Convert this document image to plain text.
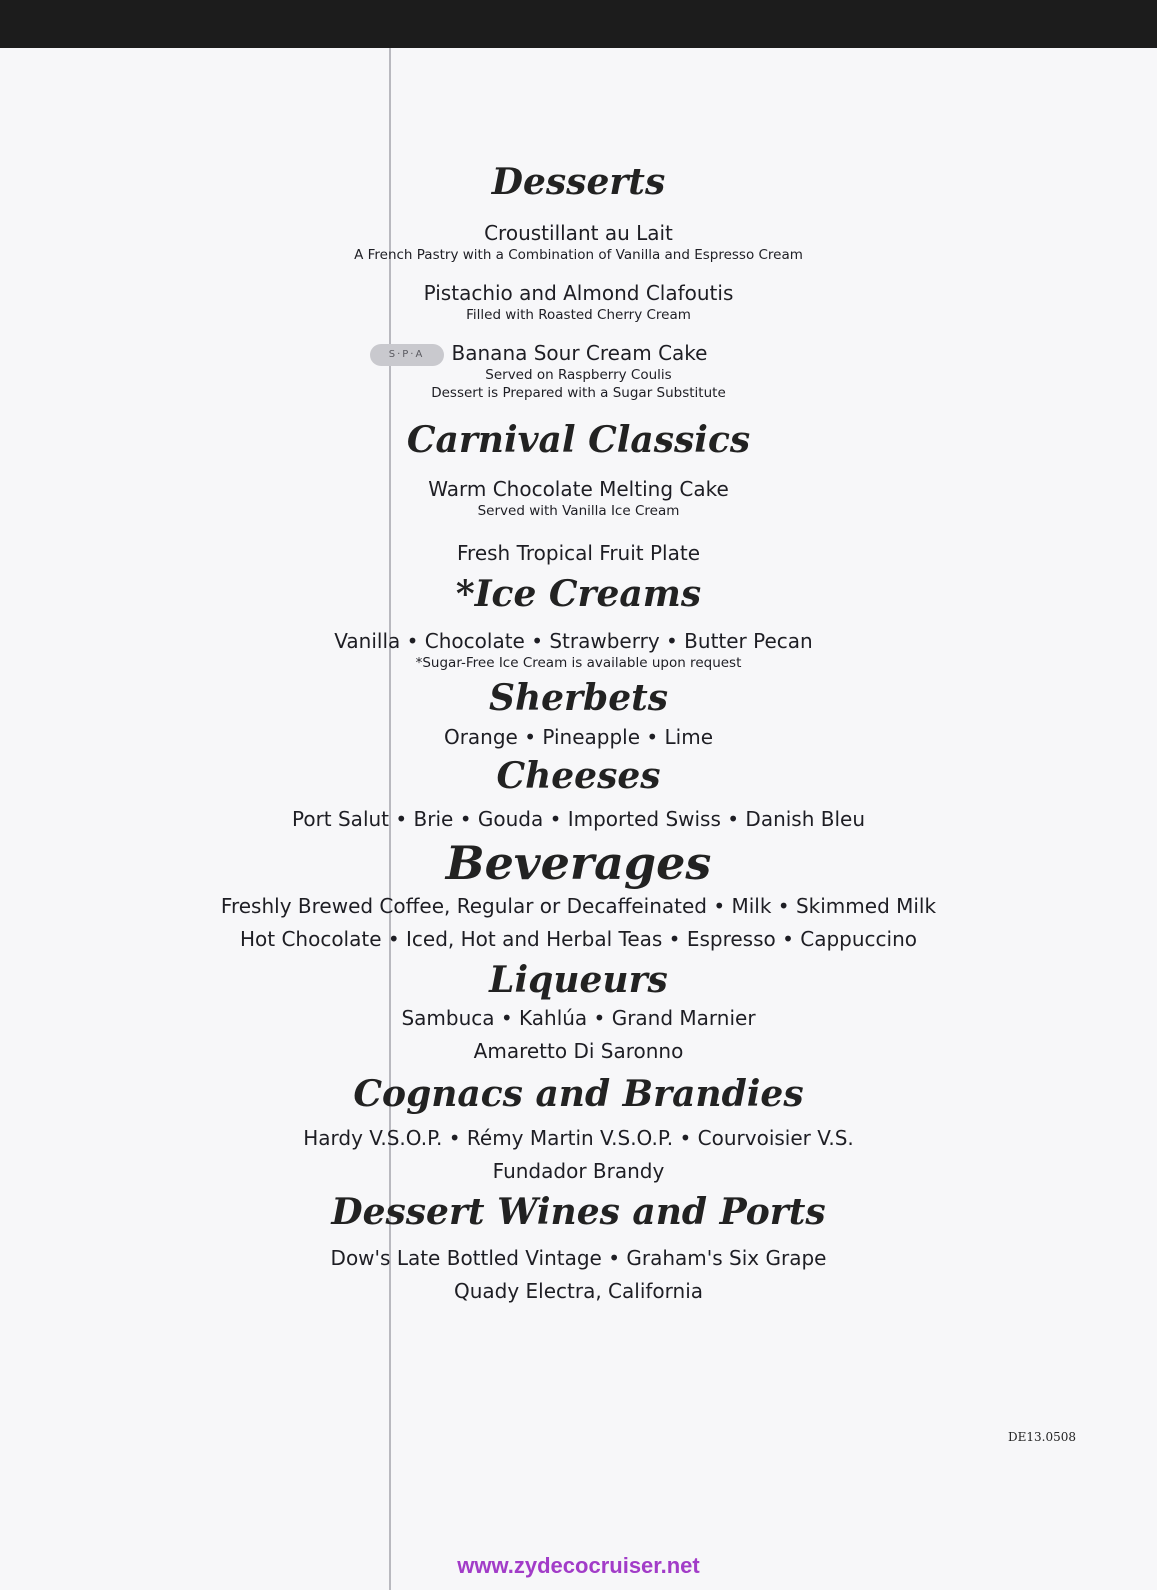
Desserts

Croustillant au Lait

A French Pastry with a Combination of Vanilla and Espresso Cream

Pistachio and Almond Clafoutis

Filled with Roasted Cherry Cream

S·P·A Banana Sour Cream Cake

Served on Raspberry Coulis

Dessert is Prepared with a Sugar Substitute

Carnival Classics

Warm Chocolate Melting Cake

Served with Vanilla Ice Cream

Fresh Tropical Fruit Plate

*Ice Creams

Vanilla • Chocolate • Strawberry • Butter Pecan

*Sugar-Free Ice Cream is available upon request

Sherbets

Orange • Pineapple • Lime

Cheeses

Port Salut • Brie • Gouda • Imported Swiss • Danish Bleu

Beverages

Freshly Brewed Coffee, Regular or Decaffeinated • Milk • Skimmed Milk

Hot Chocolate • Iced, Hot and Herbal Teas • Espresso • Cappuccino

Liqueurs

Sambuca • Kahlúa • Grand Marnier

Amaretto Di Saronno

Cognacs and Brandies

Hardy V.S.O.P. • Rémy Martin V.S.O.P. • Courvoisier V.S.

Fundador Brandy

Dessert Wines and Ports

Dow's Late Bottled Vintage • Graham's Six Grape

Quady Electra, California

DE13.0508
www.zydecocruiser.net
